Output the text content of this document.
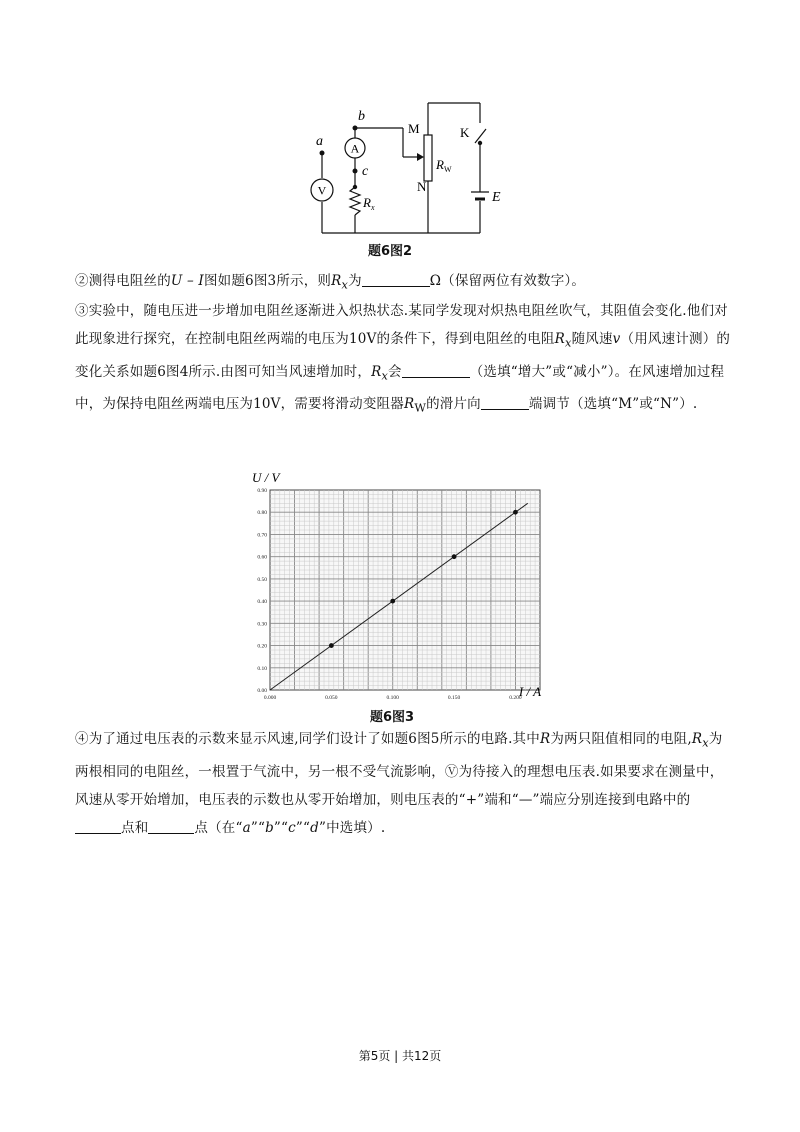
V
A
a
b
c
$R_x$
M
N
$R_W$
K
E
题6图2
②测得电阻丝的U – I图如题6图3所示，则$R_x$为	Ω（保留两位有效数字）。
③实验中，随电压进一步增加电阻丝逐渐进入炽热状态.某同学发现对炽热电阻丝吹气，其阻值会变化.他们对此现象进行探究，在控制电阻丝两端的电压为10V的条件下，得到电阻丝的电阻$R_x$随风速v（用风速计测）的变化关系如题6图4所示.由图可知当风速增加时，$R_x$会	（选填“增大”或“减小”）。在风速增加过程中，为保持电阻丝两端电压为10V，需要将滑动变阻器$R_W$的滑片向	端调节（选填“M”或“N”）.
0.000	0.050	0.100	0.150	0.200
0.00
0.10
0.20
0.30
0.40
0.50
0.60
0.70
0.80
0.90
U / V
I / A
题6图3
④为了通过电压表的示数来显示风速,同学们设计了如题6图5所示的电路.其中R为两只阻值相同的电阻$,R_x$为两根相同的电阻丝，一根置于气流中，另一根不受气流影响，Ⓥ为待接入的理想电压表.如果要求在测量中，风速从零开始增加，电压表的示数也从零开始增加，则电压表的“+”端和“—”端应分别连接到电路中的点和	点（在“a”“b”“c”“d”中选填）.
第5页 | 共12页
